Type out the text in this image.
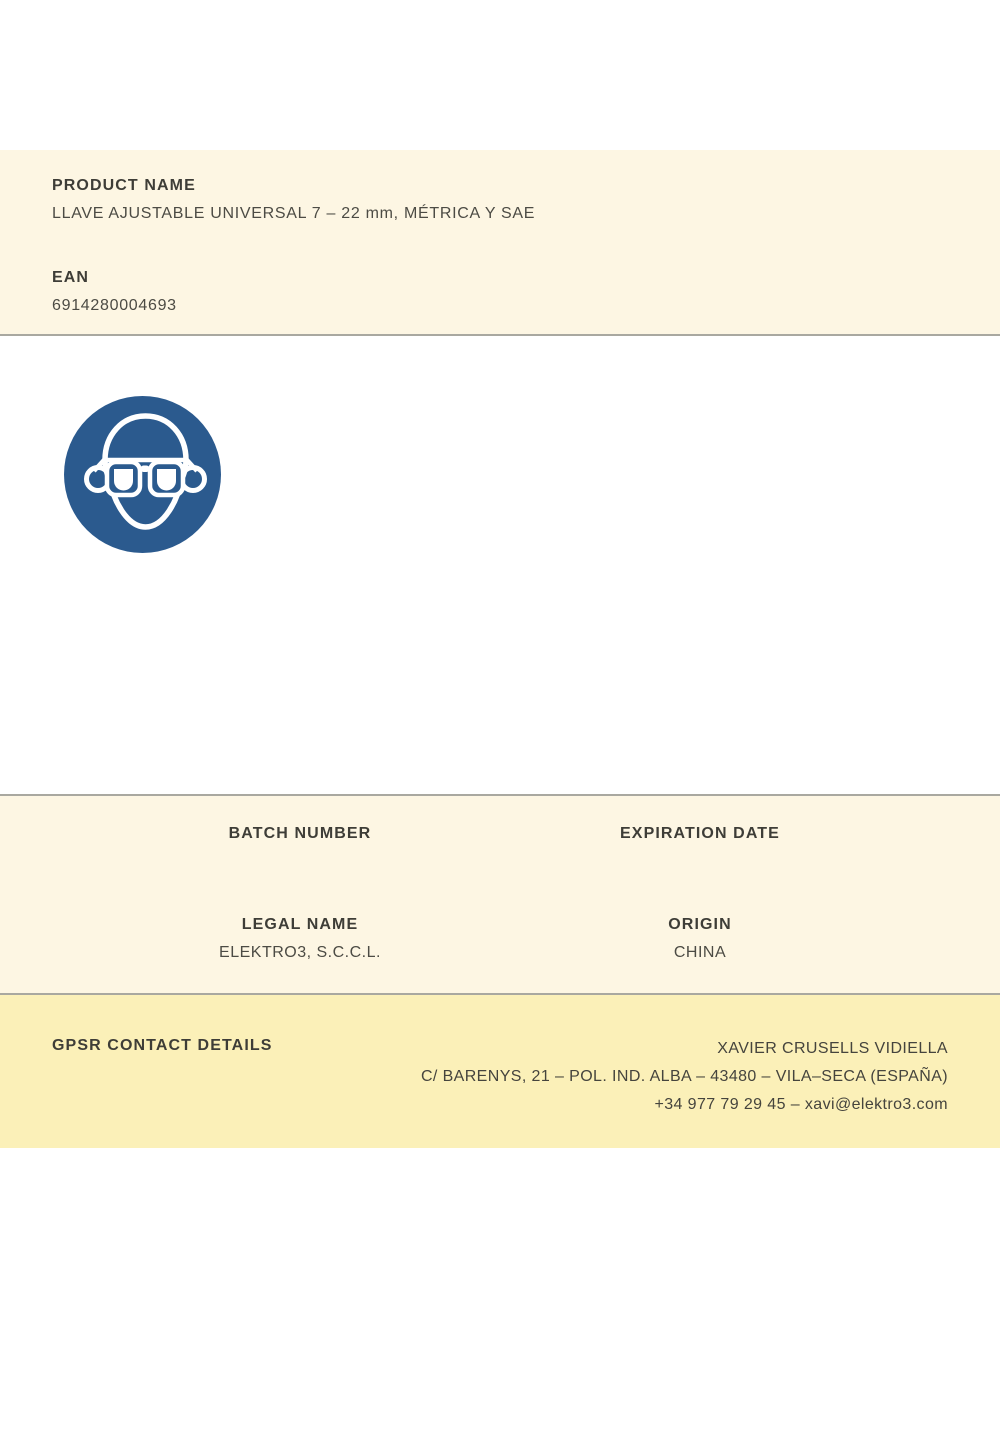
PRODUCT NAME
LLAVE AJUSTABLE UNIVERSAL 7 – 22 mm, MÉTRICA Y SAE
EAN
6914280004693
BATCH NUMBER	EXPIRATION DATE
LEGAL NAME
ELEKTRO3, S.C.C.L.
ORIGIN
CHINA
GPSR CONTACT DETAILS	XAVIER CRUSELLS VIDIELLA
C/ BARENYS, 21 – POL. IND. ALBA – 43480 – VILA–SECA (ESPAÑA)
+34 977 79 29 45 – xavi@elektro3.com
